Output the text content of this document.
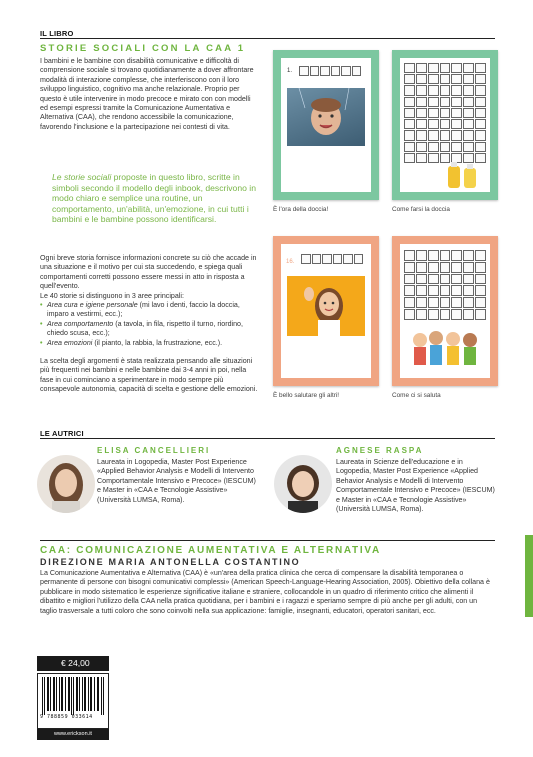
IL LIBRO
STORIE SOCIALI CON LA CAA 1

I bambini e le bambine con disabilità comunicative e difficoltà di comprensione sociale si trovano quotidianamente a dover affrontare modalità di interazione complesse, che interferiscono con il loro sviluppo linguistico, cognitivo ma anche relazionale. Proprio per questo è utile intervenire in modo precoce e mirato con con modelli ed esempi espressi tramite la Comunicazione Aumentativa e Alternativa (CAA), che rendono accessibile la comunicazione, favorendo l'inclusione e la partecipazione nei contesti di vita.

Le storie sociali proposte in questo libro, scritte in simboli secondo il modello degli inbook, descrivono in modo chiaro e semplice una routine, un comportamento, un'abilità, un'emozione, in cui tutti i bambini e le bambine possono identificarsi.

Ogni breve storia fornisce informazioni concrete su ciò che accade in una situazione e il motivo per cui sta succedendo, e spiega quali comportamenti corretti possono essere messi in atto in risposta a quell'evento.

Le 40 storie si distinguono in 3 aree principali:

• Area cura e igiene personale (mi lavo i denti, faccio la doccia, imparo a vestirmi, ecc.);
• Area comportamento (a tavola, in fila, rispetto il turno, riordino, chiedo scusa, ecc.);
• Area emozioni (il pianto, la rabbia, la frustrazione, ecc.).

La scelta degli argomenti è stata realizzata pensando alle situazioni più frequenti nei bambini e nelle bambine dai 3-4 anni in poi, nella fase in cui cominciano a sperimentare in modo sempre più consapevole autonomia, capacità di scelta e gestione delle emozioni.

1.
È l'ora della doccia!	Come farsi la doccia
16.
È bello salutare gli altri!	Come ci si saluta
LE AUTRICI
ELISA CANCELLIERI

Laureata in Logopedia, Master Post Experience «Applied Behavior Analysis e Modelli di Intervento Comportamentale Intensivo e Precoce» (IESCUM) e Master in «CAA e Tecnologie Assistive» (Università LUMSA, Roma).

AGNESE RASPA

Laureata in Scienze dell'educazione e in Logopedia, Master Post Experience «Applied Behavior Analysis e Modelli di Intervento Comportamentale Intensivo e Precoce» (IESCUM) e Master in «CAA e Tecnologie Assistive» (Università LUMSA, Roma).

CAA: COMUNICAZIONE AUMENTATIVA E ALTERNATIVA
DIREZIONE MARIA ANTONELLA COSTANTINO

La Comunicazione Aumentativa e Alternativa (CAA) è «un'area della pratica clinica che cerca di compensare la disabilità temporanea o permanente di persone con bisogni comunicativi complessi» (American Speech-Language-Hearing Association, 2005). Obiettivo della collana è pubblicare in modo sistematico le esperienze significative italiane e straniere, collocandole in un quadro di riferimento critico che alimenti il dibattito e migliori l'utilizzo della CAA nella pratica quotidiana, per i bambini e i ragazzi e speriamo sempre di più anche per gli adulti, con un taglio trasversale a tutti coloro che sono coinvolti nella sua applicazione: famiglie, insegnanti, educatori, operatori sanitari, ecc.

€ 24,00
9 788859 033614
www.erickson.it
